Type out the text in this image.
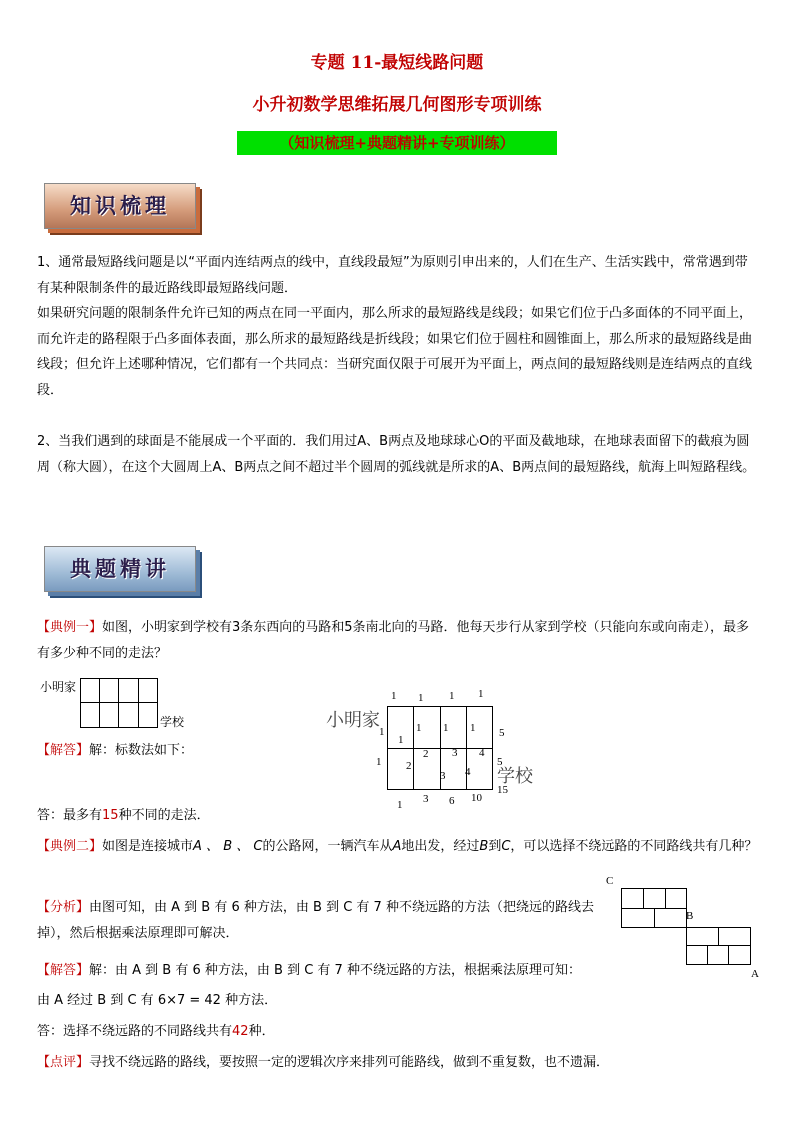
专题 11-最短线路问题
小升初数学思维拓展几何图形专项训练
（知识梳理+典题精讲+专项训练）
知识梳理
1、通常最短路线问题是以“平面内连结两点的线中，直线段最短”为原则引申出来的，人们在生产、生活实践中，常常遇到带有某种限制条件的最近路线即最短路线问题．
如果研究问题的限制条件允许已知的两点在同一平面内，那么所求的最短路线是线段；如果它们位于凸多面体的不同平面上，而允许走的路程限于凸多面体表面，那么所求的最短路线是折线段；如果它们位于圆柱和圆锥面上，那么所求的最短路线是曲线段；但允许上述哪种情况，它们都有一个共同点：当研究面仅限于可展开为平面上，两点间的最短路线则是连结两点的直线段．
2、当我们遇到的球面是不能展成一个平面的．我们用过A、B两点及地球球心O的平面及截地球，在地球表面留下的截痕为圆周（称大圆），在这个大圆周上A、B两点之间不超过半个圆周的弧线就是所求的A、B两点间的最短路线，航海上叫短路程线。
典题精讲
【典例一】如图，小明家到学校有3条东西向的马路和5条南北向的马路．他每天步行从家到学校（只能向东或向南走），最多有多少种不同的走法？
小明家
学校
【解答】解：标数法如下：
小明家
学校
1 1 1 1
1
1
1 1 1
2 3 4
1 2
3 4
5
5
1 3 6 10
15
答：最多有15种不同的走法．
【典例二】如图是连接城市A 、 B 、 C的公路网，一辆汽车从A地出发，经过B到C，可以选择不绕远路的不同路线共有几种？
【分析】由图可知，由 A 到 B 有 6 种方法，由 B 到 C 有 7 种不绕远路的方法（把绕远的路线去掉），然后根据乘法原理即可解决．
C
B
A
【解答】解：由 A 到 B 有 6 种方法，由 B 到 C 有 7 种不绕远路的方法，根据乘法原理可知：
由 A 经过 B 到 C 有 6×7 = 42 种方法．
答：选择不绕远路的不同路线共有42种．
【点评】寻找不绕远路的路线，要按照一定的逻辑次序来排列可能路线，做到不重复数，也不遗漏．
